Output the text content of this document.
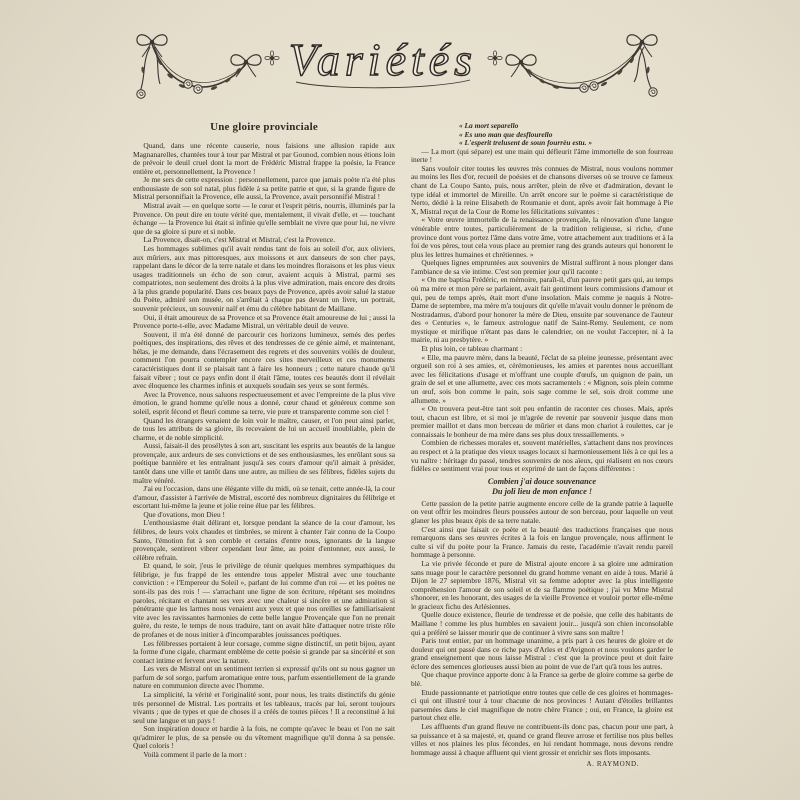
Variétés
Une gloire provinciale

Quand, dans une récente causerie, nous faisions une allusion rapide aux Magnanarelles, chantées tour à tour par Mistral et par Gounod, combien nous étions loin de prévoir le deuil cruel dont la mort de Frédéric Mistral frappe la poésie, la France entière et, personnellement, la Provence !

Je me sers de cette expression : personnellement, parce que jamais poète n'a été plus enthousiaste de son sol natal, plus fidèle à sa petite patrie et que, si la grande figure de Mistral personnifiait la Provence, elle aussi, la Provence, avait personnifié Mistral !

Mistral avait — en quelque sorte — le cœur et l'esprit pétris, nourris, illuminés par la Provence. On peut dire en toute vérité que, mentalement, il vivait d'elle, et — touchant échange — la Provence lui était si infinie qu'elle semblait ne vivre que pour lui, ne vivre que de sa gloire si pure et si noble.

La Provence, disait-on, c'est Mistral et Mistral, c'est la Provence.

Les hommages sublimes qu'il avait rendus tant de fois au soleil d'or, aux oliviers, aux mûriers, aux mas pittoresques, aux moissons et aux danseurs de son cher pays, rappelant dans le décor de la terre natale et dans les moindres floraisons et les plus vieux usages traditionnels un écho de son cœur, avaient acquis à Mistral, parmi ses compatriotes, non seulement des droits à la plus vive admiration, mais encore des droits à la plus grande popularité. Dans ces beaux pays de Provence, après avoir salué la statue du Poète, admiré son musée, on s'arrêtait à chaque pas devant un livre, un portrait, souvenir précieux, un souvenir naïf et ému du célèbre habitant de Maillane.

Oui, il était amoureux de sa Provence et sa Provence était amoureuse de lui ; aussi la Provence porte-t-elle, avec Madame Mistral, un véritable deuil de veuve.

Souvent, il m'a été donné de parcourir ces horizons lumineux, semés des perles poétiques, des inspirations, des rêves et des tendresses de ce génie aimé, et maintenant, hélas, je me demande, dans l'écrasement des regrets et des souvenirs voilés de douleur, comment l'on pourra contempler encore ces sites merveilleux et ces monuments caractéristiques dont il se plaisait tant à faire les honneurs ; cette nature chaude qu'il faisait vibrer ; tout ce pays enfin dont il était l'âme, toutes ces beautés dont il révélait avec éloquence les charmes infinis et auxquels soudain ses yeux se sont fermés.

Avec la Provence, nous saluons respectueusement et avec l'empreinte de la plus vive émotion, le grand homme qu'elle nous a donné, cœur chaud et généreux comme son soleil, esprit fécond et fleuri comme sa terre, vie pure et transparente comme son ciel !

Quand les étrangers venaient de loin voir le maître, causer, et l'on peut ainsi parler, de tous les attributs de sa gloire, ils recevaient de lui un accueil inoubliable, plein de charme, et de noble simplicité.

Aussi, faisait-il des prosélytes à son art, suscitant les esprits aux beautés de la langue provençale, aux ardeurs de ses convictions et de ses enthousiasmes, les enrôlant sous sa poétique bannière et les entraînant jusqu'à ses cours d'amour qu'il aimait à présider, tantôt dans une ville et tantôt dans une autre, au milieu de ses félibres, fidèles sujets du maître vénéré.

J'ai eu l'occasion, dans une élégante ville du midi, où se tenait, cette année-là, la cour d'amour, d'assister à l'arrivée de Mistral, escorté des nombreux dignitaires du félibrige et escortant lui-même la jeune et jolie reine élue par les félibres.

Que d'ovations, mon Dieu !

L'enthousiasme était délirant et, lorsque pendant la séance de la cour d'amour, les félibres, de leurs voix chaudes et timbrées, se mirent à chanter l'air connu de la Coupo Santo, l'émotion fut à son comble et certains d'entre nous, ignorants de la langue provençale, sentirent vibrer cependant leur âme, au point d'entonner, eux aussi, le célèbre refrain.

Et quand, le soir, j'eus le privilège de réunir quelques membres sympathiques du félibrige, je fus frappé de les entendre tous appeler Mistral avec une touchante conviction : « l'Empereur du Soleil », parlant de lui comme d'un roi — et les poètes ne sont-ils pas des rois ! — s'arrachant une ligne de son écriture, répétant ses moindres paroles, récitant et chantant ses vers avec une chaleur si sincère et une admiration si pénétrante que les larmes nous venaient aux yeux et que nos oreilles se familiarisaient vite avec les ravissantes harmonies de cette belle langue Provençale que l'on ne prenait guère, du reste, le temps de nous traduire, tant on avait hâte d'attaquer notre triste rôle de profanes et de nous initier à d'incomparables jouissances poétiques.

Les félibresses portaient à leur corsage, comme signe distinctif, un petit bijou, ayant la forme d'une cigale, charmant emblème de cette poésie si grande par sa sincérité et son contact intime et fervent avec la nature.

Les vers de Mistral ont un sentiment terrien si expressif qu'ils ont su nous gagner un parfum de sol sorgo, parfum aromatique entre tous, parfum essentiellement de la grande nature en communion directe avec l'homme.

La simplicité, la vérité et l'originalité sont, pour nous, les traits distinctifs du génie très personnel de Mistral. Les portraits et les tableaux, tracés par lui, seront toujours vivants ; que de types et que de choses il a créés de toutes pièces ! Il a reconstitué à lui seul une langue et un pays !

Son inspiration douce et hardie à la fois, ne compte qu'avec le beau et l'on ne sait qu'admirer le plus, de sa pensée ou du vêtement magnifique qu'il donna à sa pensée. Quel coloris !

Voilà comment il parle de la mort :

« La mort separello
« Es uno man que desflourello
« L'esperit trelusent de soun fourrèu estu. »

— La mort (qui sépare) est une main qui défleurit l'âme immortelle de son fourreau inerte !

Sans vouloir citer toutes les œuvres très connues de Mistral, nous voulons nommer au moins les Iles d'or, recueil de poésies et de chansons diverses où se trouve ce fameux chant de La Coupo Santo, puis, nous arrêter, plein de rêve et d'admiration, devant le type idéal et immortel de Mireille. Un arrêt encore sur le poème si caractéristique de Nerto, dédié à la reine Elisabeth de Roumanie et dont, après avoir fait hommage à Pie X, Mistral reçut de la Cour de Rome les félicitations suivantes :

« Votre œuvre immortelle de la renaissance provençale, la rénovation d'une langue vénérable entre toutes, particulièrement de la tradition religieuse, si riche, d'une province dont vous portez l'âme dans votre âme, votre attachement aux traditions et à la foi de vos pères, tout cela vous place au premier rang des grands auteurs qui honorent le plus les lettres humaines et chrétiennes. »

Quelques lignes empruntées aux souvenirs de Mistral suffiront à nous plonger dans l'ambiance de sa vie intime. C'est son premier jour qu'il raconte :

« On me baptisa Frédéric, en mémoire, paraît-il, d'un pauvre petit gars qui, au temps où ma mère et mon père se parlaient, avait fait gentiment leurs commissions d'amour et qui, peu de temps après, était mort d'une insolation. Mais comme je naquis à Notre-Dame de septembre, ma mère m'a toujours dit qu'elle m'avait voulu donner le prénom de Nostradamus, d'abord pour honorer la mère de Dieu, ensuite par souvenance de l'auteur des « Centuries », le fameux astrologue natif de Saint-Remy. Seulement, ce nom mystique et mirifique n'étant pas dans le calendrier, on ne voulut l'accepter, ni à la mairie, ni au presbytère. »

Et plus loin, ce tableau charmant :

« Elle, ma pauvre mère, dans la beauté, l'éclat de sa pleine jeunesse, présentant avec orgueil son roi à ses amies, et, cérémonieuses, les amies et parentes nous accueillant avec les félicitations d'usage et m'offrant une couple d'œufs, un quignon de pain, un grain de sel et une allumette, avec ces mots sacramentels : « Mignon, sois plein comme un œuf, sois bon comme le pain, sois sage comme le sel, sois droit comme une allumette. »

« On trouvera peut-être tant soit peu enfantin de raconter ces choses. Mais, après tout, chacun est libre, et si moi je m'agrée de revenir par souvenir jusque dans mon premier maillot et dans mon berceau de mûrier et dans mon chariot à roulettes, car je connaissais le bonheur de ma mère dans ses plus doux tressaillements. »

Combien de richesses morales et, souvent matérielles, s'attachent dans nos provinces au respect et à la pratique des vieux usages locaux si harmonieusement liés à ce qui les a vu naître : héritage du passé, tendres souvenirs de nos aïeux, qui réalisent en nos cœurs fidèles ce sentiment vrai pour tous et exprimé de tant de façons différentes :

Combien j'ai douce souvenance
Du joli lieu de mon enfance !

Cette passion de la petite patrie augmente encore celle de la grande patrie à laquelle on veut offrir les moindres fleurs poussées autour de son berceau, pour laquelle on veut glaner les plus beaux épis de sa terre natale.

C'est ainsi que faisait ce poète et la beauté des traductions françaises que nous remarquons dans ses œuvres écrites à la fois en langue provençale, nous affirment le culte si vif du poète pour la France. Jamais du reste, l'académie n'avait rendu pareil hommage à personne.

La vie privée féconde et pure de Mistral ajoute encore à sa gloire une admiration sans nuage pour le caractère personnel du grand homme venant en aide à tous. Marié à Dijon le 27 septembre 1876, Mistral vit sa femme adopter avec la plus intelligente compréhension l'amour de son soleil et de sa flamme poétique ; j'ai vu Mme Mistral s'honorer, en les honorant, des usages de la vieille Provence et vouloir porter elle-même le gracieux fichu des Arlésiennes.

Quelle douce existence, fleurie de tendresse et de poésie, que celle des habitants de Maillane ! comme les plus humbles en savaient jouir... jusqu'à son chien inconsolable qui a préféré se laisser mourir que de continuer à vivre sans son maître !

Paris tout entier, par un hommage unanime, a pris part à ces heures de gloire et de douleur qui ont passé dans ce riche pays d'Arles et d'Avignon et nous voulons garder le grand enseignement que nous laisse Mistral : c'est que la province peut et doit faire éclore des semences glorieuses aussi bien au point de vue de l'art qu'à tous les autres.

Que chaque province apporte donc à la France sa gerbe de gloire comme sa gerbe de blé.

Etude passionnante et patriotique entre toutes que celle de ces gloires et hommages-ci qui ont illustré tour à tour chacune de nos provinces ! Autant d'étoiles brillantes parsemées dans le ciel magnifique de notre chère France ; oui, en France, la gloire est partout chez elle.

Les affluents d'un grand fleuve ne contribuent-ils donc pas, chacun pour une part, à sa puissance et à sa majesté, et, quand ce grand fleuve arrose et fertilise nos plus belles villes et nos plaines les plus fécondes, en lui rendant hommage, nous devons rendre hommage aussi à chaque affluent qui vient grossir et enrichir ses flots imposants.

A. RAYMOND.
